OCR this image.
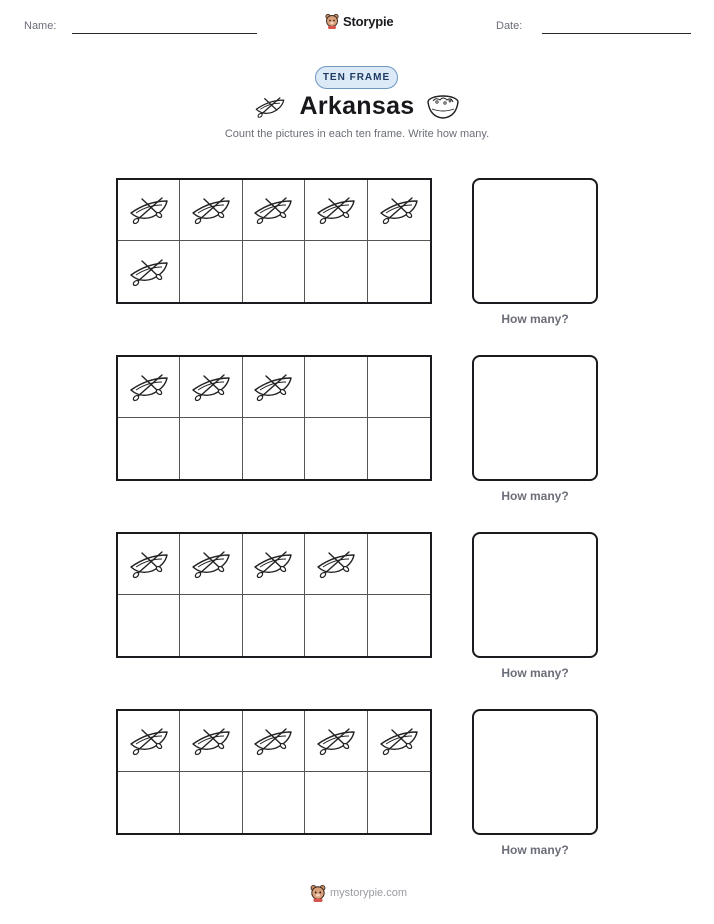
Name:	Storypie	Date:
TEN FRAME
Arkansas
Count the pictures in each ten frame. Write how many.
How many?
How many?
How many?
How many?
mystorypie.com
